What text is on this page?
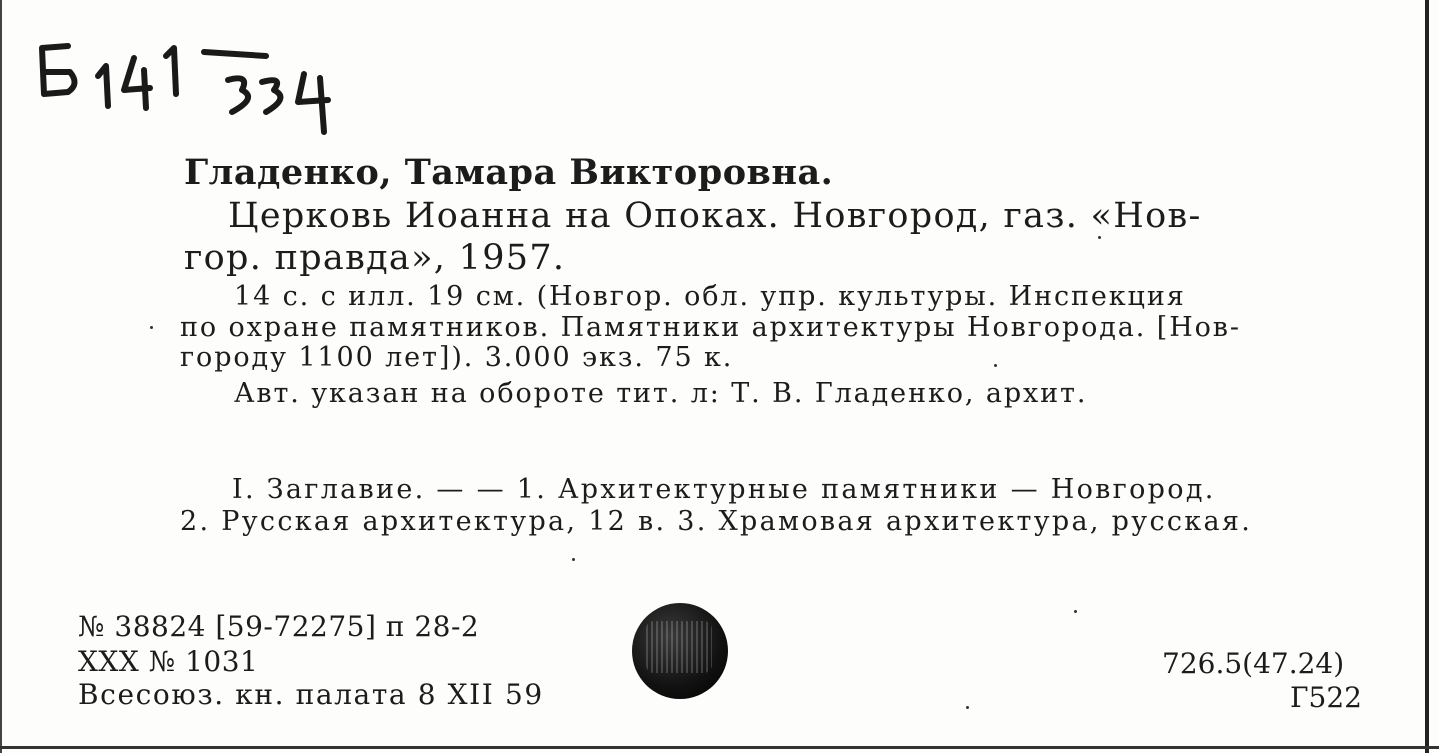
Гладенко, Тамара Викторовна.
Церковь Иоанна на Опоках. Новгород, газ. «Нов-
гор. правда», 1957.
14 с. с илл. 19 см. (Новгор. обл. упр. культуры. Инспекция
по охране памятников. Памятники архитектуры Новгорода. [Нов-
городу 1100 лет]). 3.000 экз. 75 к.
Авт. указан на обороте тит. л: Т. В. Гладенко, архит.
I. Заглавие. — — 1. Архитектурные памятники — Новгород.
2. Русская архитектура, 12 в. 3. Храмовая архитектура, русская.
№ 38824 [59-72275] п 28-2
XXX № 1031
Всесоюз. кн. палата 8 XII 59
726.5(47.24)
Г522
